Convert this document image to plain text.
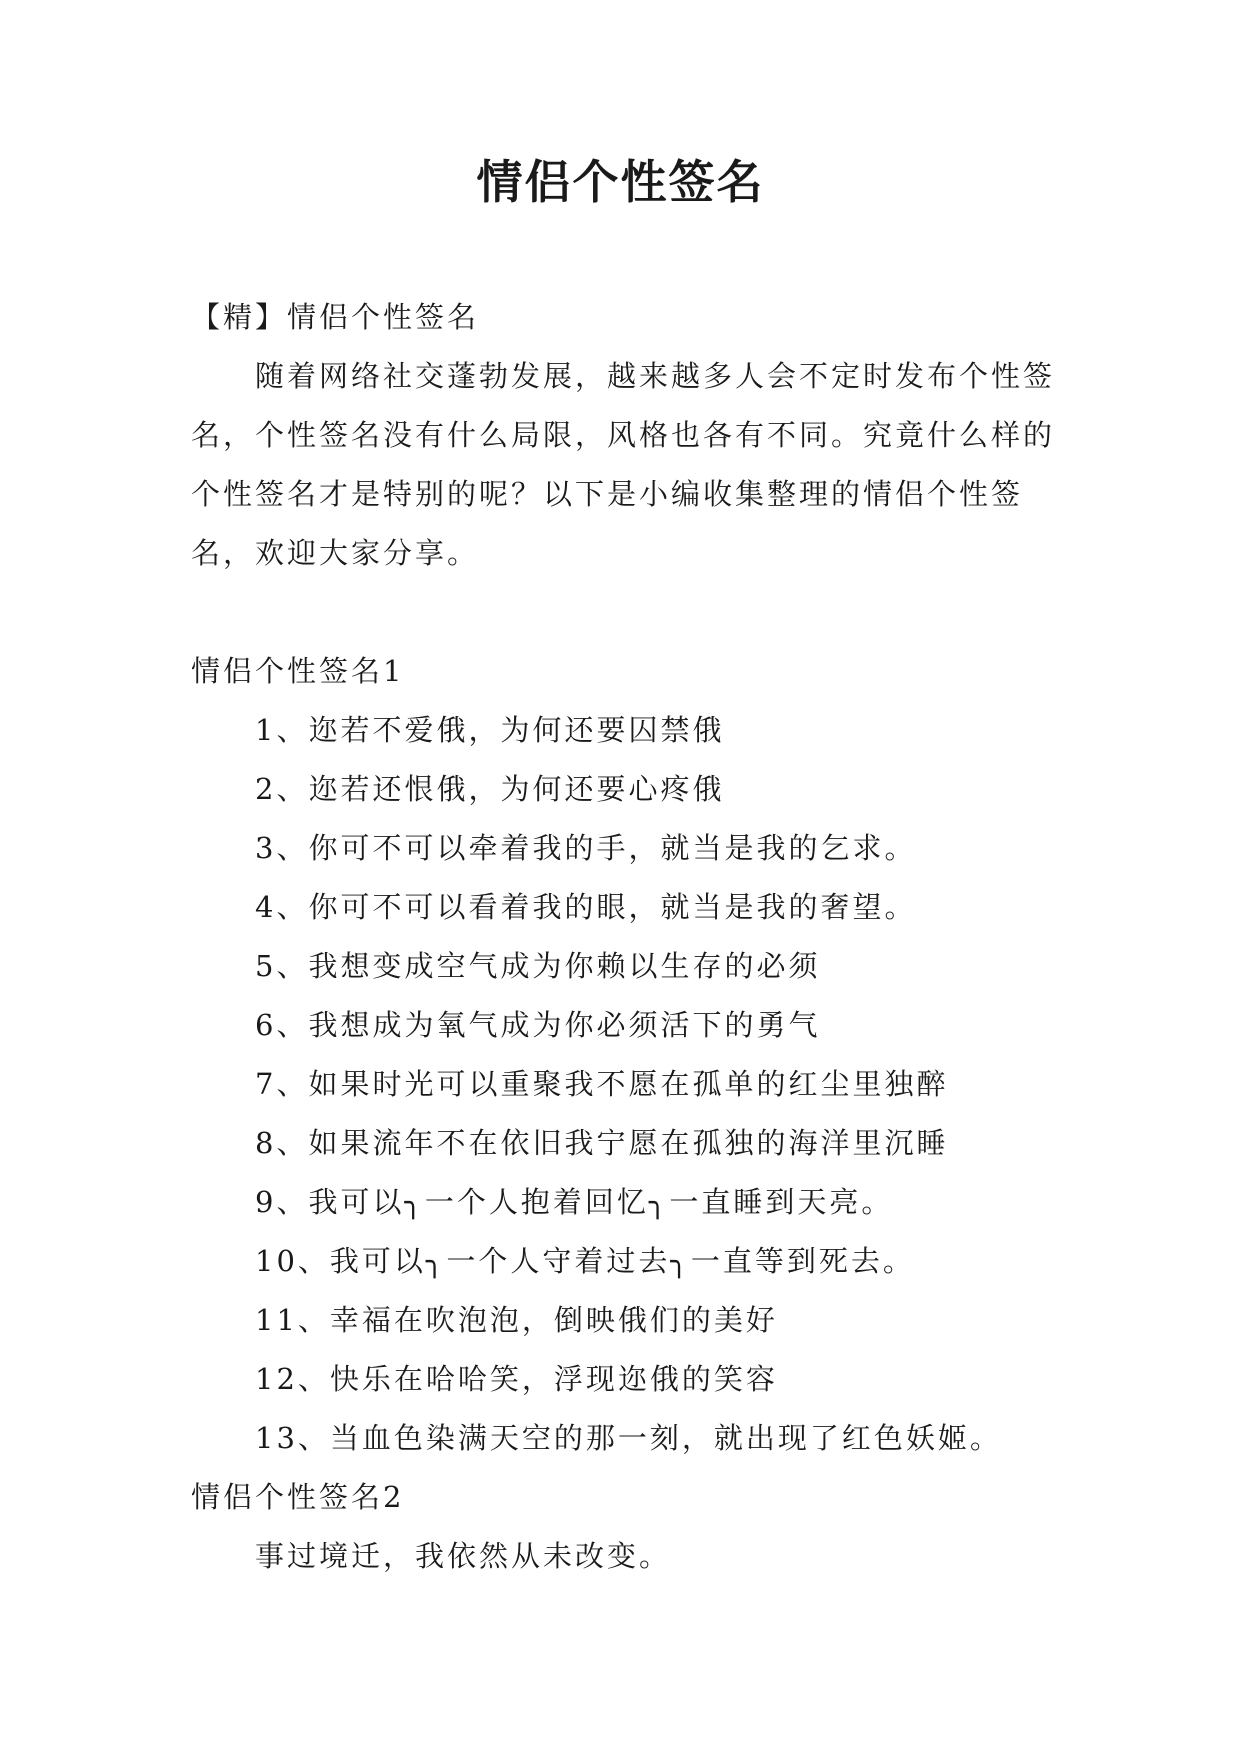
情侣个性签名
【精】情侣个性签名

随着网络社交蓬勃发展，越来越多人会不定时发布个性签名，个性签名没有什么局限，风格也各有不同。究竟什么样的个性签名才是特别的呢？以下是小编收集整理的情侣个性签名，欢迎大家分享。

情侣个性签名1
1、迩若不爱俄，为何还要囚禁俄
2、迩若还恨俄，为何还要心疼俄
3、你可不可以牵着我的手，就当是我的乞求。
4、你可不可以看着我的眼，就当是我的奢望。
5、我想变成空气成为你赖以生存的必须
6、我想成为氧气成为你必须活下的勇气
7、如果时光可以重聚我不愿在孤单的红尘里独醉
8、如果流年不在依旧我宁愿在孤独的海洋里沉睡
9、我可以╮一个人抱着回忆╮一直睡到天亮。
10、我可以╮一个人守着过去╮一直等到死去。
11、幸福在吹泡泡，倒映俄们的美好
12、快乐在哈哈笑，浮现迩俄的笑容
13、当血色染满天空的那一刻，就出现了红色妖姬。
情侣个性签名2
事过境迁，我依然从未改变。
